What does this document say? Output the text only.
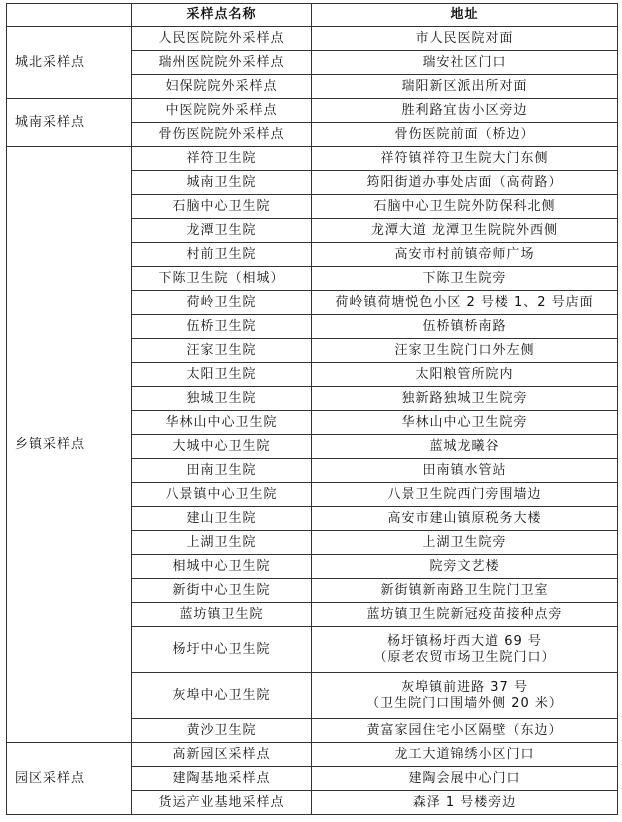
	采样点名称	地址
城北采样点	人民医院院外采样点	市人民医院对面
	瑞州医院院外采样点	瑞安社区门口
	妇保院院外采样点	瑞阳新区派出所对面
城南采样点	中医院院外采样点	胜利路宜齿小区旁边
	骨伤医院院外采样点	骨伤医院前面（桥边）
乡镇采样点	祥符卫生院	祥符镇祥符卫生院大门东侧
	城南卫生院	筠阳街道办事处店面（高荷路）
	石脑中心卫生院	石脑中心卫生院外防保科北侧
	龙潭卫生院	龙潭大道 龙潭卫生院院外西侧
	村前卫生院	高安市村前镇帝师广场
	下陈卫生院（相城）	下陈卫生院旁
	荷岭卫生院	荷岭镇荷塘悦色小区 2 号楼 1、2 号店面
	伍桥卫生院	伍桥镇桥南路
	汪家卫生院	汪家卫生院门口外左侧
	太阳卫生院	太阳粮管所院内
	独城卫生院	独新路独城卫生院旁
	华林山中心卫生院	华林山中心卫生院旁
	大城中心卫生院	蓝城龙曦谷
	田南卫生院	田南镇水管站
	八景镇中心卫生院	八景卫生院西门旁围墙边
	建山卫生院	高安市建山镇原税务大楼
	上湖卫生院	上湖卫生院旁
	相城中心卫生院	院旁文艺楼
	新街中心卫生院	新街镇新南路卫生院门卫室
	蓝坊镇卫生院	蓝坊镇卫生院新冠疫苗接种点旁
	杨圩中心卫生院	杨圩镇杨圩西大道 69 号
（原老农贸市场卫生院门口）

	灰埠中心卫生院	灰埠镇前进路 37 号
（卫生院门口围墙外侧 20 米）

	黄沙卫生院	黄富家园住宅小区隔壁（东边）
园区采样点	高新园区采样点	龙工大道锦绣小区门口
	建陶基地采样点	建陶会展中心门口
	货运产业基地采样点	森泽 1 号楼旁边
